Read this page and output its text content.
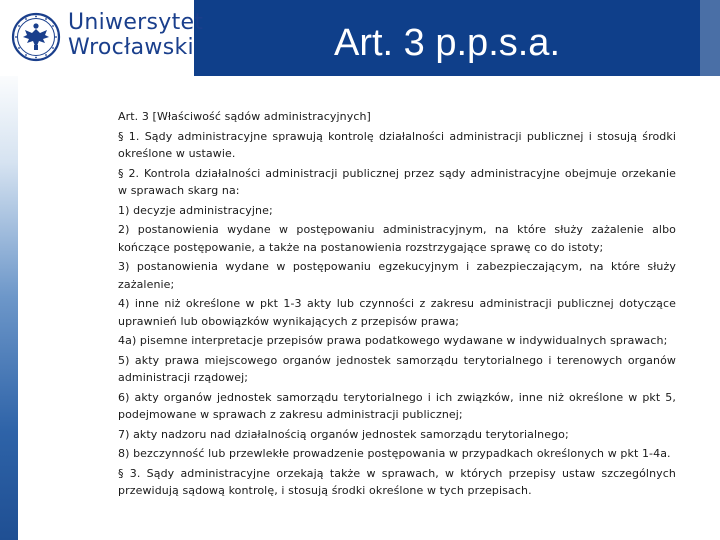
Uniwersytet
Wrocławski	Art. 3 p.p.s.a.

Art. 3 [Właściwość sądów administracyjnych]

§ 1. Sądy administracyjne sprawują kontrolę działalności administracji publicznej i stosują środki określone w ustawie.

§ 2. Kontrola działalności administracji publicznej przez sądy administracyjne obejmuje orzekanie w sprawach skarg na:

1) decyzje administracyjne;

2) postanowienia wydane w postępowaniu administracyjnym, na które służy zażalenie albo kończące postępowanie, a także na postanowienia rozstrzygające sprawę co do istoty;

3) postanowienia wydane w postępowaniu egzekucyjnym i zabezpieczającym, na które służy zażalenie;

4) inne niż określone w pkt 1-3 akty lub czynności z zakresu administracji publicznej dotyczące uprawnień lub obowiązków wynikających z przepisów prawa;

4a) pisemne interpretacje przepisów prawa podatkowego wydawane w indywidualnych sprawach;

5) akty prawa miejscowego organów jednostek samorządu terytorialnego i terenowych organów administracji rządowej;

6) akty organów jednostek samorządu terytorialnego i ich związków, inne niż określone w pkt 5, podejmowane w sprawach z zakresu administracji publicznej;

7) akty nadzoru nad działalnością organów jednostek samorządu terytorialnego;

8) bezczynność lub przewlekłe prowadzenie postępowania w przypadkach określonych w pkt 1-4a.

§ 3. Sądy administracyjne orzekają także w sprawach, w których przepisy ustaw szczególnych przewidują sądową kontrolę, i stosują środki określone w tych przepisach.
